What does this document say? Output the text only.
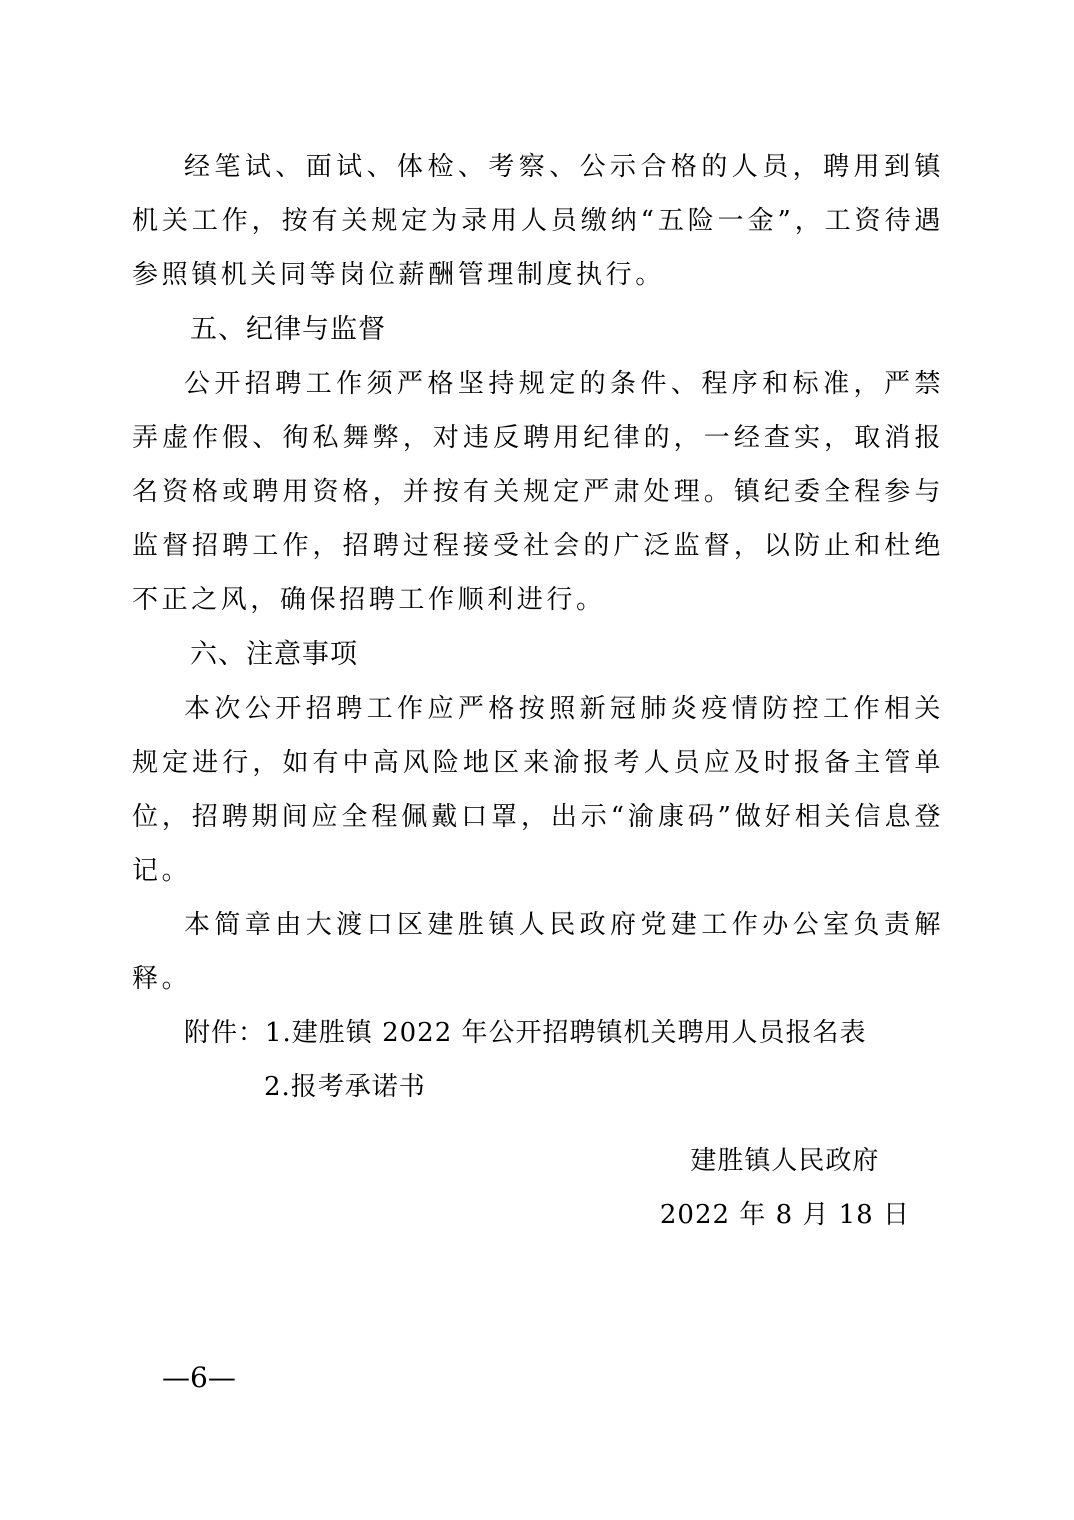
经笔试、面试、体检、考察、公示合格的人员，聘用到镇机关工作，按有关规定为录用人员缴纳“五险一金”，工资待遇参照镇机关同等岗位薪酬管理制度执行。

五、纪律与监督

公开招聘工作须严格坚持规定的条件、程序和标准，严禁弄虚作假、徇私舞弊，对违反聘用纪律的，一经查实，取消报名资格或聘用资格，并按有关规定严肃处理。镇纪委全程参与监督招聘工作，招聘过程接受社会的广泛监督，以防止和杜绝不正之风，确保招聘工作顺利进行。

六、注意事项

本次公开招聘工作应严格按照新冠肺炎疫情防控工作相关规定进行，如有中高风险地区来渝报考人员应及时报备主管单位，招聘期间应全程佩戴口罩，出示“渝康码”做好相关信息登记。

本简章由大渡口区建胜镇人民政府党建工作办公室负责解释。

附件：1.建胜镇 2022 年公开招聘镇机关聘用人员报名表

2.报考承诺书

建胜镇人民政府
2022 年 8 月 18 日
—6—
